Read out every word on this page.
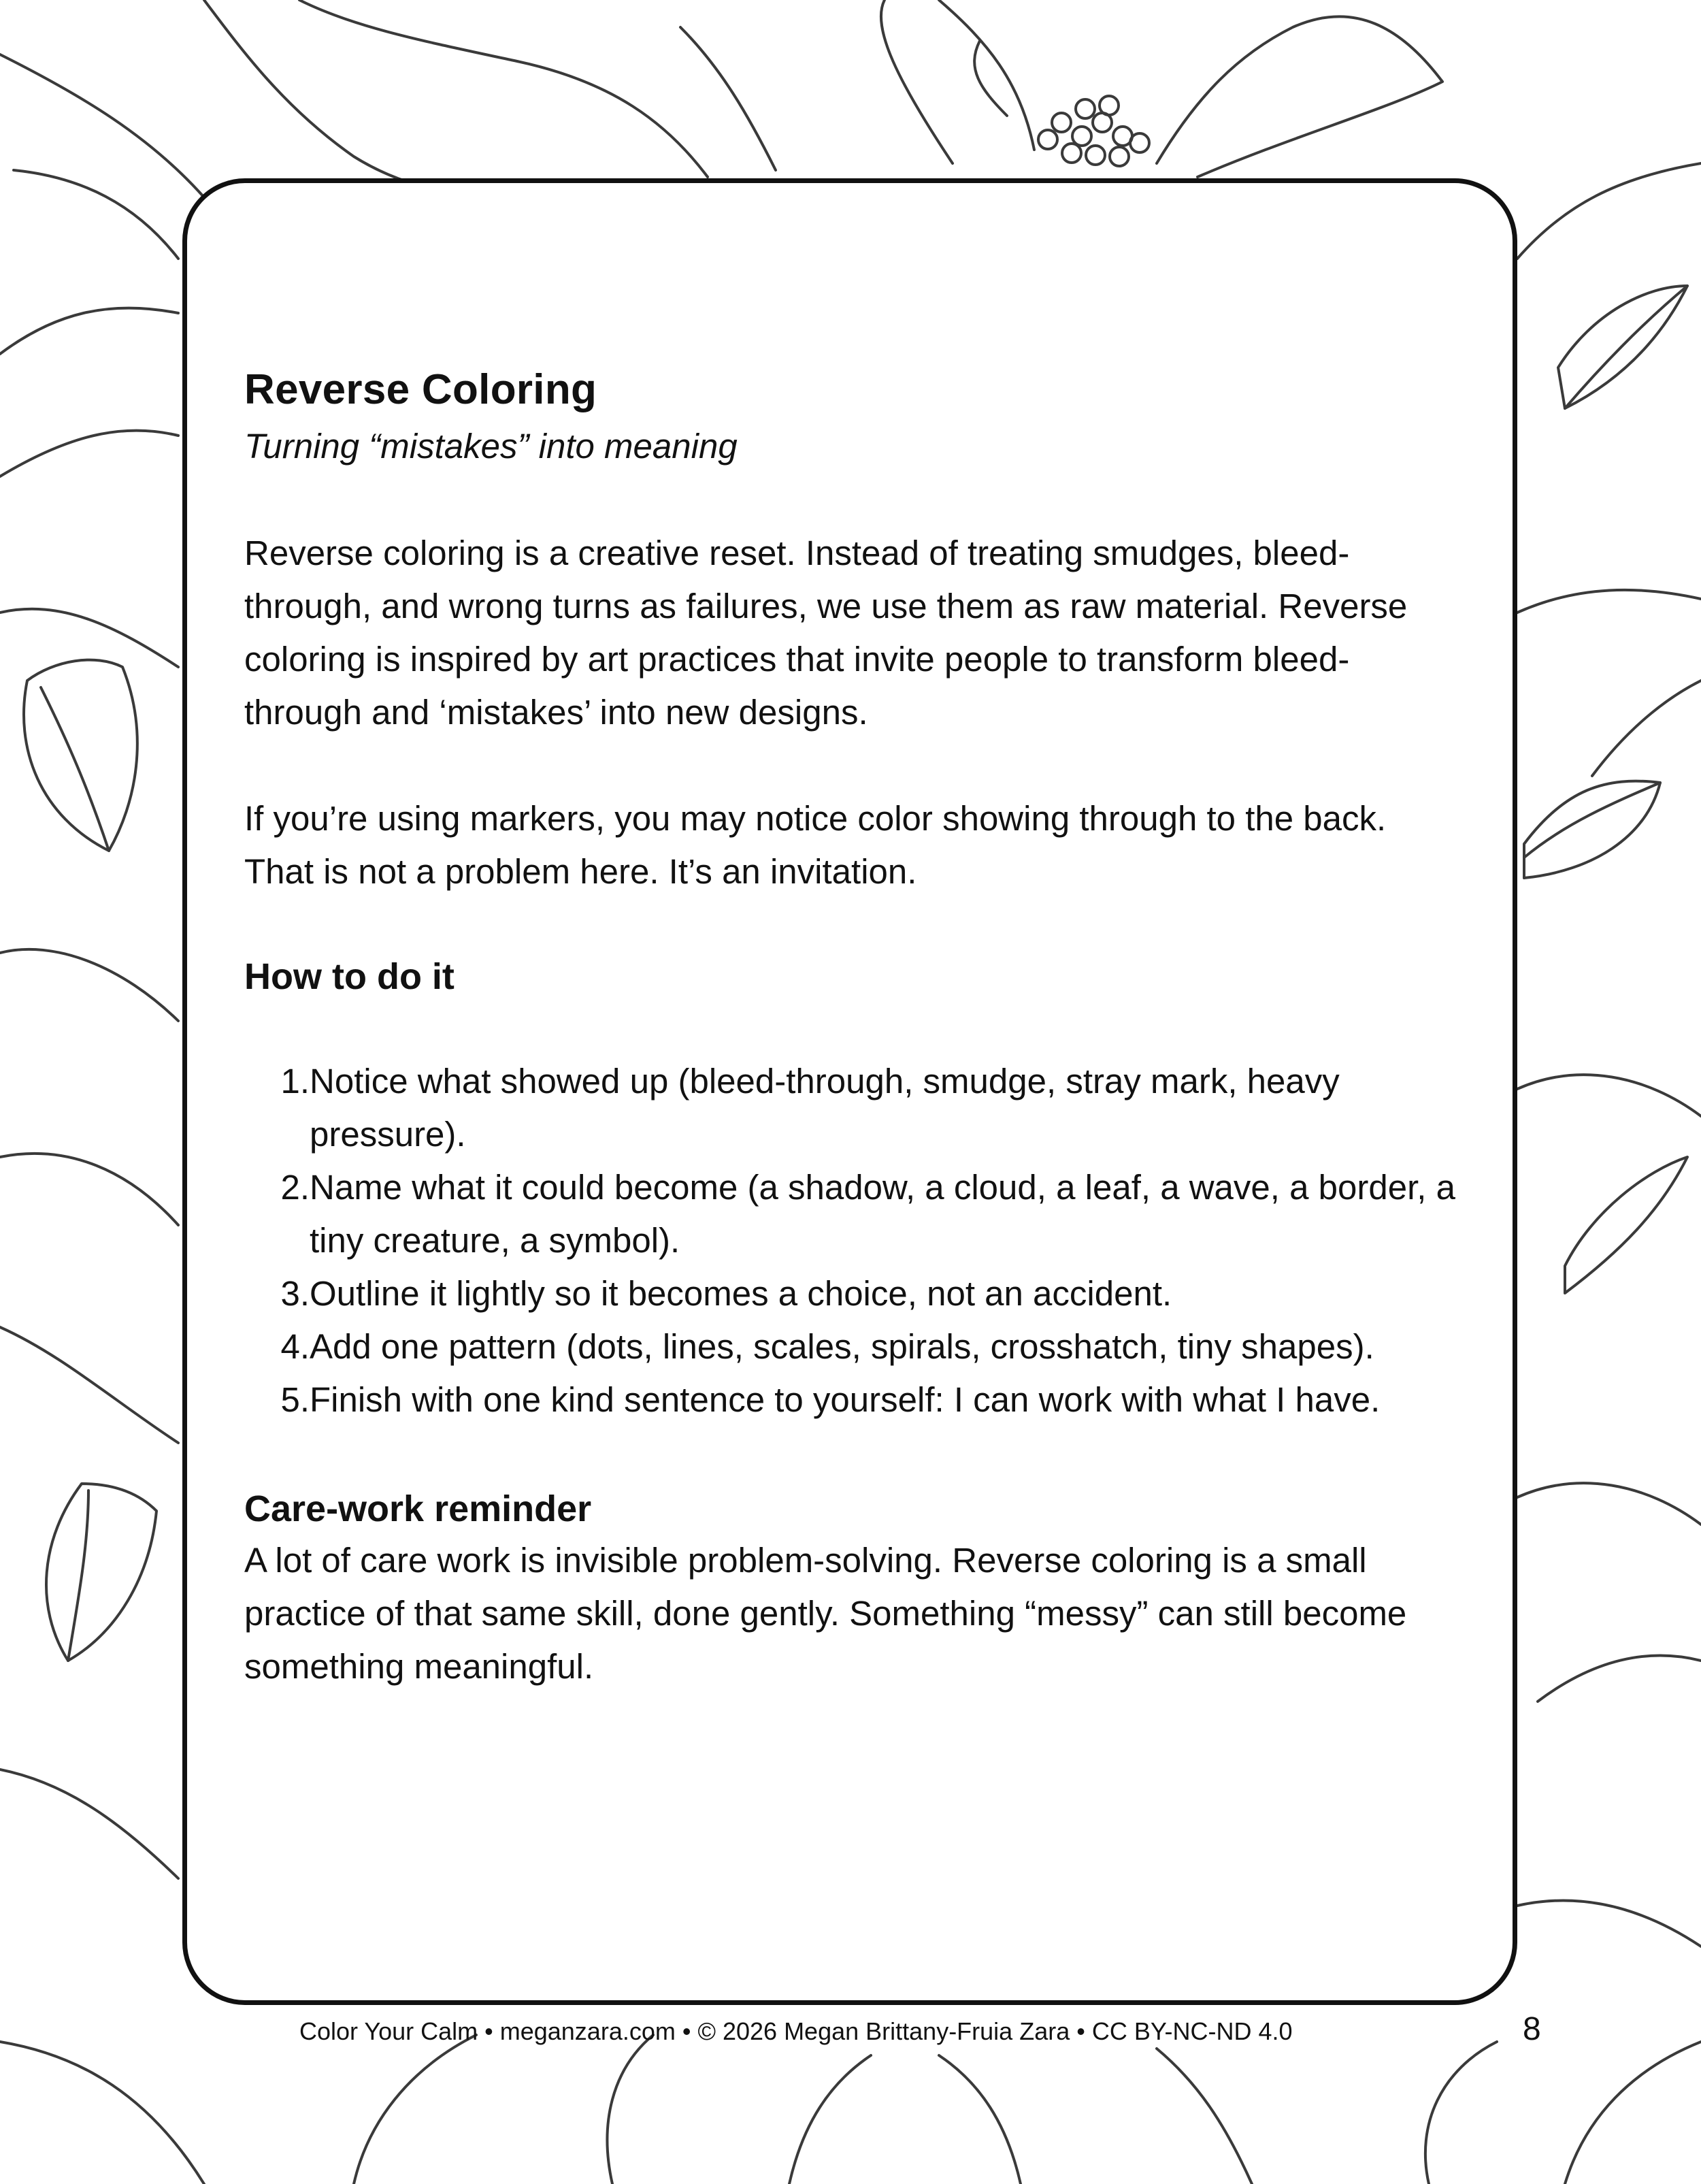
Reverse Coloring

Turning “mistakes” into meaning

Reverse coloring is a creative reset. Instead of treating smudges, bleed-through, and wrong turns as failures, we use them as raw material. Reverse coloring is inspired by art practices that invite people to transform bleed-through and ‘mistakes’ into new designs.

If you’re using markers, you may notice color showing through to the back. That is not a problem here. It’s an invitation.

How to do it
1. Notice what showed up (bleed-through, smudge, stray mark, heavy pressure).
2. Name what it could become (a shadow, a cloud, a leaf, a wave, a border, a tiny creature, a symbol).
3. Outline it lightly so it becomes a choice, not an accident.
4. Add one pattern (dots, lines, scales, spirals, crosshatch, tiny shapes).
5. Finish with one kind sentence to yourself: I can work with what I have.
Care-work reminder

A lot of care work is invisible problem-solving. Reverse coloring is a small practice of that same skill, done gently. Something “messy” can still become something meaningful.

Color Your Calm • meganzara.com • © 2026 Megan Brittany-Fruia Zara • CC BY-NC-ND 4.0	8
